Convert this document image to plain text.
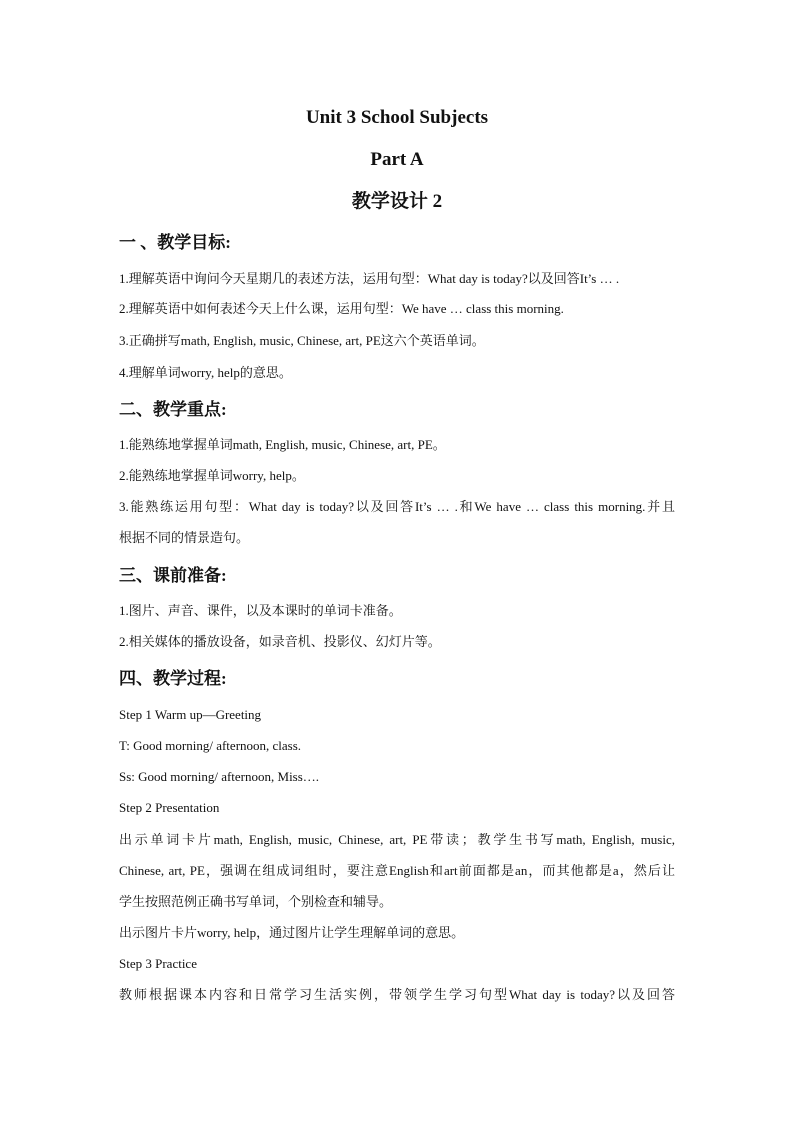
Unit 3 School Subjects
Part A
教学设计 2
一 、教学目标:

1.理解英语中询问今天星期几的表述方法，运用句型：What day is today?以及回答It’s … .

2.理解英语中如何表述今天上什么课，运用句型：We have … class this morning.

3.正确拼写math, English, music, Chinese, art, PE这六个英语单词。

4.理解单词worry, help的意思。

二、教学重点:

1.能熟练地掌握单词math, English, music, Chinese, art, PE。

2.能熟练地掌握单词worry, help。

3.能熟练运用句型：What day is today?以及回答It’s … .和We have … class this morning.并且

根据不同的情景造句。

三、课前准备:

1.图片、声音、课件，以及本课时的单词卡准备。

2.相关媒体的播放设备，如录音机、投影仪、幻灯片等。

四、教学过程:

Step 1 Warm up—Greeting

T: Good morning/ afternoon, class.

Ss: Good morning/ afternoon, Miss….

Step 2 Presentation

出示单词卡片math, English, music, Chinese, art, PE带读；教学生书写math, English, music,

Chinese, art, PE，强调在组成词组时，要注意English和art前面都是an，而其他都是a，然后让

学生按照范例正确书写单词，个别检查和辅导。

出示图片卡片worry, help，通过图片让学生理解单词的意思。

Step 3 Practice

教师根据课本内容和日常学习生活实例，带领学生学习句型What day is today?以及回答
